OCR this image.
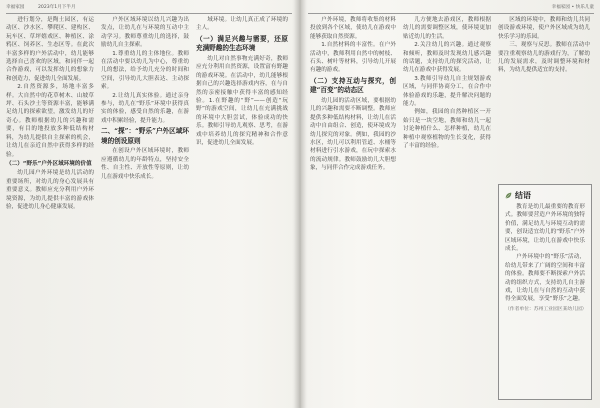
幸福家园	2023年1月下半月

进行划分，是陶土园区，有运动区、沙水区、攀爬区、建构区、玩车区、草坪嬉戏区、种植区、涂鸦区、饲养区、生态区等。在此次丰富多样的户外活动中，幼儿能够选择自己喜欢的区域，和同伴一起合作游戏，可以发挥幼儿的想象力和创造力，促进幼儿全面发展。

2.自然资源多，场地丰富多样。大自然中的花草树木、山坡草坪、石头沙土等资源丰富，能够满足幼儿的探索欲望，激发幼儿的好奇心。教师根据幼儿的兴趣和需要，有目的地投放多种低结构材料，为幼儿提供自主探索的机会，让幼儿在亲近自然中获得多样的经验。

（二）“野乐”户外区域环境的价值

幼儿园户外环境是幼儿活动的重要场所，对幼儿的身心发展具有重要意义。教师应充分利用户外环境资源，为幼儿提供丰富的游戏体验，促进幼儿身心健康发展。

户外区域环境以幼儿兴趣为出发点，让幼儿在与环境的互动中主动学习。教师尊重幼儿的选择，鼓励幼儿自主探索。

1.尊重幼儿的主体地位。教师在活动中要以幼儿为中心，尊重幼儿的想法，给予幼儿充分的时间和空间，引导幼儿大胆表达、主动探索。

2.让幼儿真实体验。通过亲身参与，幼儿在“野乐”环境中获得真实的体验，感受自然的乐趣，在游戏中积累经验，提升能力。

二、“探”：“野乐”户外区域环境的创设原则

在创设户外区域环境时，教师应遵循幼儿的年龄特点，坚持安全性、自主性、开放性等原则，让幼儿在游戏中快乐成长。

域环境。让幼儿真正成了环境的主人。

（一）满足兴趣与需要，还原充满野趣的生态环境

幼儿对自然事物充满好奇，教师应充分利用自然资源，设置富有野趣的游戏环境。在活动中，幼儿能够根据自己的兴趣选择游戏内容，在与自然的亲密接触中获得丰富的感知经验。1.在野趣的“野”——创造“玩野”的游戏空间，让幼儿在充满挑战的环境中大胆尝试，体验成功的快乐。教师引导幼儿观察、思考，在游戏中培养幼儿的探究精神和合作意识，促进幼儿全面发展。

幸福家园 • 快乐儿童

户外环境，教师将收集的材料投放到各个区域，使幼儿在游戏中能够获取自然资源。

1.自然材料的丰富性。在户外活动中，教师利用自然中的树枝、石头、树叶等材料，引导幼儿开展有趣的游戏。

（二）支持互动与探究，创建“百变”的动态区

幼儿园的活动区域，要根据幼儿的兴趣和需要不断调整。教师应提供多种低结构材料，让幼儿在活动中自由组合、创造，使环境成为幼儿探究的对象。例如，我园的沙水区，幼儿可以利用管道、水桶等材料进行引水游戏，在玩中探索水的流动规律。教师鼓励幼儿大胆想象，与同伴合作完成游戏任务。

儿方便地去游戏区，教师根据幼儿的需要调整区域，使环境更加贴近幼儿的生活。

2.关注幼儿的兴趣。通过观察和倾听，教师及时发现幼儿感兴趣的话题，支持幼儿的探究活动，让幼儿在游戏中获得发展。

3.教师引导幼儿自主规划游戏区域，与同伴协商分工，在合作中体验游戏的乐趣，提升解决问题的能力。

例如，我园的自然种植区一开始只是一块空地，教师和幼儿一起讨论种植什么、怎样种植，幼儿在种植中观察植物的生长变化，获得了丰富的经验。

区域的环境中，教师和幼儿共同创设游戏环境，使户外区域成为幼儿快乐学习的乐园。

三、观察与反思。教师在活动中要注重观察幼儿的游戏行为，了解幼儿的发展需求，及时调整环境和材料，为幼儿提供适宜的支持。

结语

教育是幼儿最重要的教育形式。教师要营造户外环境的独特价值，满足幼儿与环境互动的需要，创设适宜幼儿的“野乐”户外区域环境，让幼儿在游戏中快乐成长。

户外环境中的“野乐”活动，给幼儿带来了广阔的空间和丰富的体验。教师要不断探索户外活动的组织方式，支持幼儿自主游戏，让幼儿在与自然的互动中获得全面发展，享受“野乐”之趣。

（作者单位：苏州工业园区某幼儿园）
